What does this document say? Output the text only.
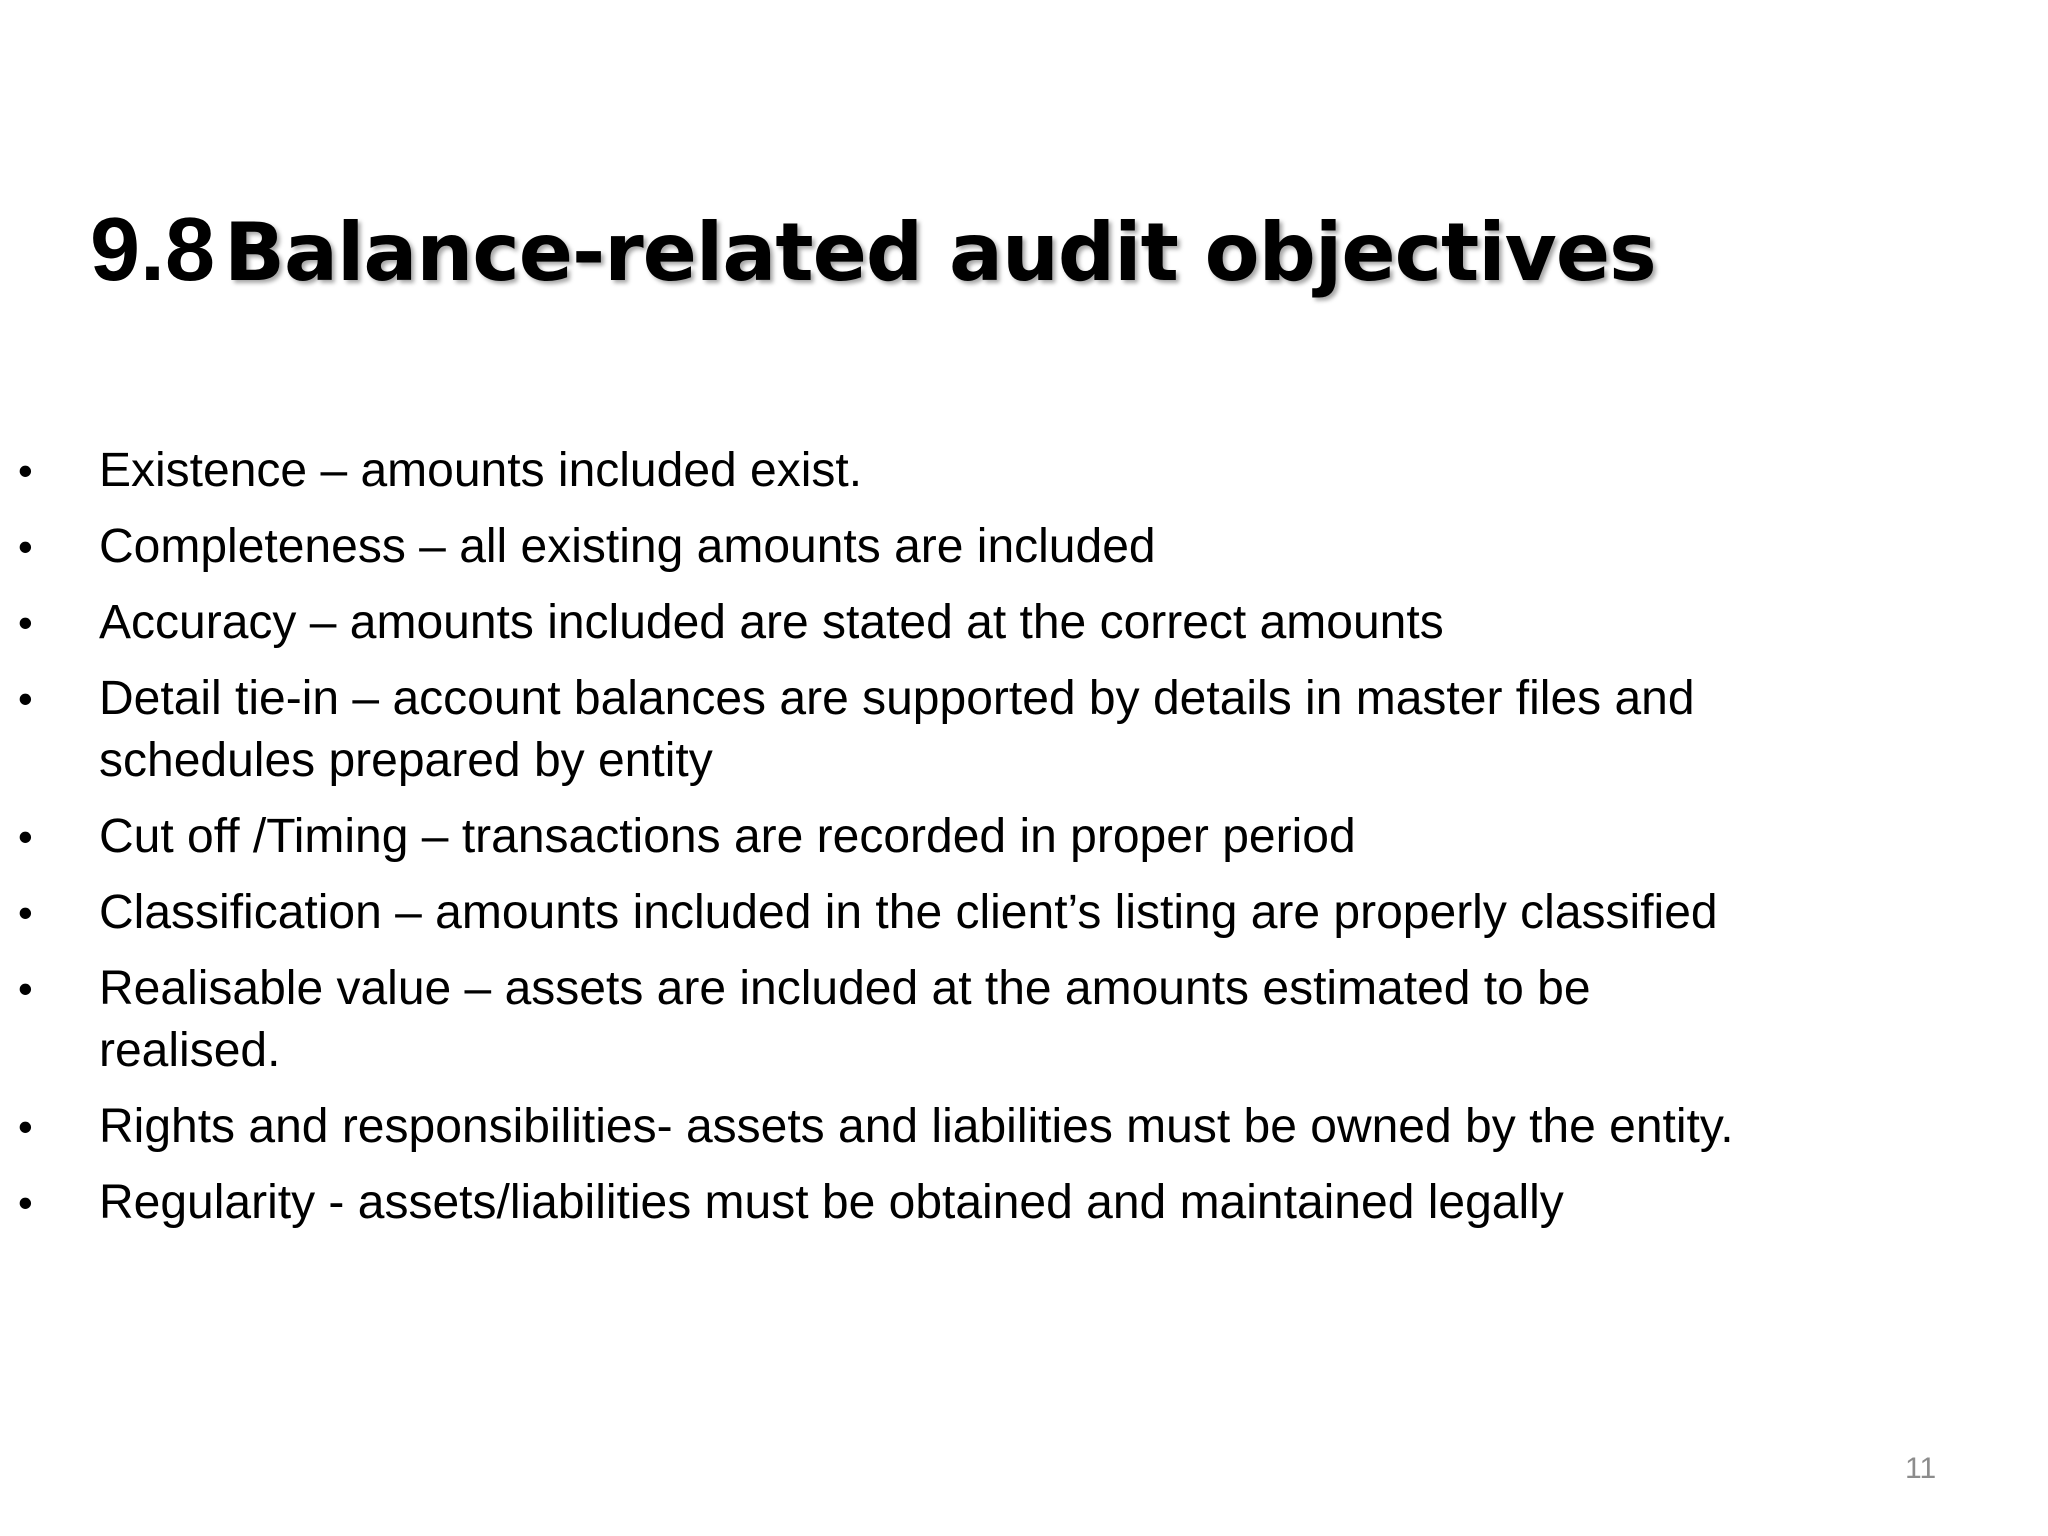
9.8 Balance-related audit objectives
• Existence – amounts included exist.
• Completeness – all existing amounts are included
• Accuracy – amounts included are stated at the correct amounts
• Detail tie-in – account balances are supported by details in master files and schedules prepared by entity
• Cut off /Timing – transactions are recorded in proper period
• Classification – amounts included in the client’s listing are properly classified
• Realisable value – assets are included at the amounts estimated to be realised.
• Rights and responsibilities- assets and liabilities must be owned by the entity.
• Regularity - assets/liabilities must be obtained and maintained legally
11
